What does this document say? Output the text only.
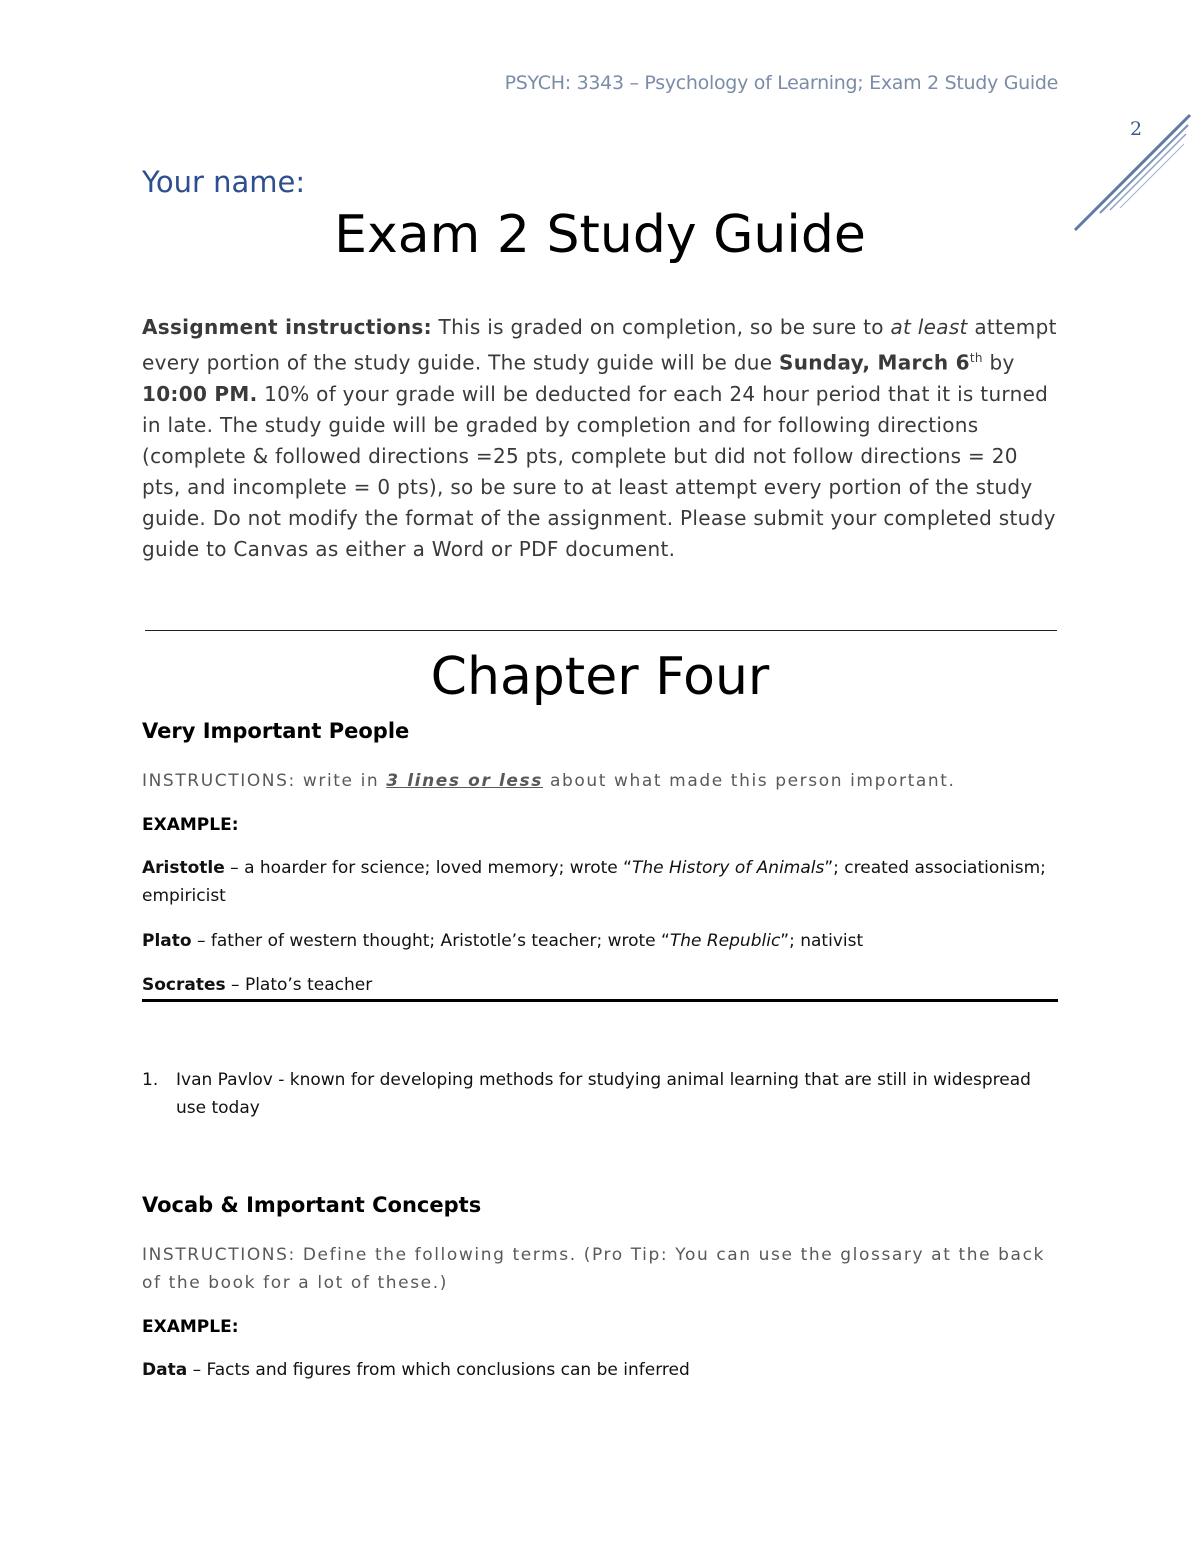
PSYCH: 3343 – Psychology of Learning; Exam 2 Study Guide
2
Your name:
Exam 2 Study Guide
Assignment instructions: This is graded on completion, so be sure to at least attempt every portion of the study guide. The study guide will be due Sunday, March 6th by 10:00 PM. 10% of your grade will be deducted for each 24 hour period that it is turned in late. The study guide will be graded by completion and for following directions (complete & followed directions =25 pts, complete but did not follow directions = 20 pts, and incomplete = 0 pts), so be sure to at least attempt every portion of the study guide. Do not modify the format of the assignment. Please submit your completed study guide to Canvas as either a Word or PDF document.
Chapter Four
Very Important People
INSTRUCTIONS: write in 3 lines or less about what made this person important.
EXAMPLE:
Aristotle – a hoarder for science; loved memory; wrote “The History of Animals”; created associationism; empiricist
Plato – father of western thought; Aristotle’s teacher; wrote “The Republic”; nativist
Socrates – Plato’s teacher
1.	Ivan Pavlov - known for developing methods for studying animal learning that are still in widespread use today
Vocab & Important Concepts
INSTRUCTIONS: Define the following terms. (Pro Tip: You can use the glossary at the back of the book for a lot of these.)
EXAMPLE:
Data – Facts and figures from which conclusions can be inferred
